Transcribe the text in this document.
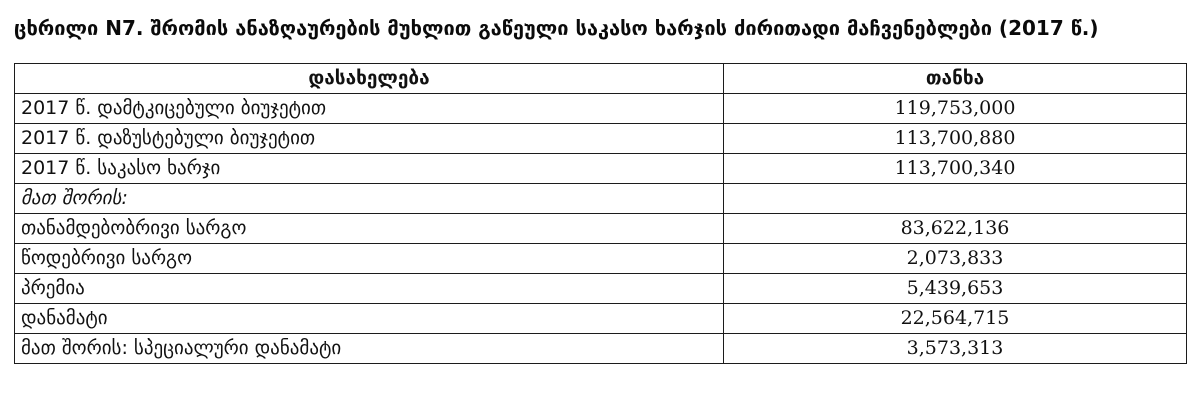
ცხრილი N7. შრომის ანაზღაურების მუხლით გაწეული საკასო ხარჯის ძირითადი მაჩვენებლები (2017 წ.)
დასახელება	თანხა
2017 წ. დამტკიცებული ბიუჯეტით	119,753,000
2017 წ. დაზუსტებული ბიუჯეტით	113,700,880
2017 წ. საკასო ხარჯი	113,700,340
მათ შორის:	
თანამდებობრივი სარგო	83,622,136
წოდებრივი სარგო	2,073,833
პრემია	5,439,653
დანამატი	22,564,715
მათ შორის: სპეციალური დანამატი	3,573,313
